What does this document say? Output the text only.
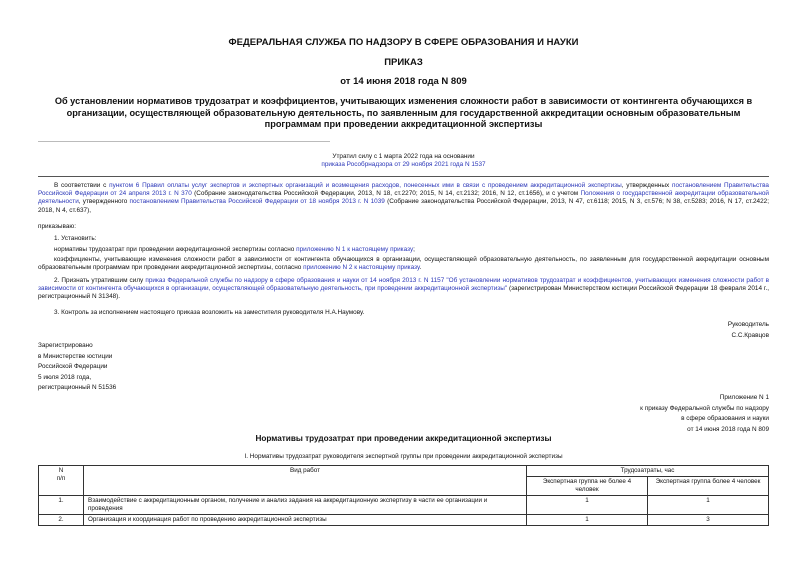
ФЕДЕРАЛЬНАЯ СЛУЖБА ПО НАДЗОРУ В СФЕРЕ ОБРАЗОВАНИЯ И НАУКИ
ПРИКАЗ
от 14 июня 2018 года N 809
Об установлении нормативов трудозатрат и коэффициентов, учитывающих изменения сложности работ в зависимости от контингента обучающихся в организации, осуществляющей образовательную деятельность, по заявленным для государственной аккредитации основным образовательным программам при проведении аккредитационной экспертизы
Утратил силу с 1 марта 2022 года на основании
приказа Рособрнадзора от 29 ноября 2021 года N 1537
В соответствии с пунктом 6 Правил оплаты услуг экспертов и экспертных организаций и возмещения расходов, понесенных ими в связи с проведением аккредитационной экспертизы, утвержденных постановлением Правительства Российской Федерации от 24 апреля 2013 г. N 370 (Собрание законодательства Российской Федерации, 2013, N 18, ст.2270; 2015, N 14, ст.2132; 2016, N 12, ст.1656), и с учетом Положения о государственной аккредитации образовательной деятельности, утвержденного постановлением Правительства Российской Федерации от 18 ноября 2013 г. N 1039 (Собрание законодательства Российской Федерации, 2013, N 47, ст.6118; 2015, N 3, ст.576; N 38, ст.5283; 2016, N 17, ст.2422; 2018, N 4, ст.637),
приказываю:
1. Установить:
нормативы трудозатрат при проведении аккредитационной экспертизы согласно приложению N 1 к настоящему приказу;
коэффициенты, учитывающие изменения сложности работ в зависимости от контингента обучающихся в организации, осуществляющей образовательную деятельность, по заявленным для государственной аккредитации основным образовательным программам при проведении аккредитационной экспертизы, согласно приложению N 2 к настоящему приказу.
2. Признать утратившим силу приказ Федеральной службы по надзору в сфере образования и науки от 14 ноября 2013 г. N 1157 "Об установлении нормативов трудозатрат и коэффициентов, учитывающих изменения сложности работ в зависимости от контингента обучающихся в организации, осуществляющей образовательную деятельность, при проведении аккредитационной экспертизы" (зарегистрирован Министерством юстиции Российской Федерации 18 февраля 2014 г., регистрационный N 31348).
3. Контроль за исполнением настоящего приказа возложить на заместителя руководителя Н.А.Наумову.
Руководитель
С.С.Кравцов
Зарегистрировано
в Министерстве юстиции
Российской Федерации
5 июля 2018 года,
регистрационный N 51536
Приложение N 1
к приказу Федеральной службы по надзору
в сфере образования и науки
от 14 июня 2018 года N 809
Нормативы трудозатрат при проведении аккредитационной экспертизы
I. Нормативы трудозатрат руководителя экспертной группы при проведении аккредитационной экспертизы
N
п/п	Вид работ	Трудозатраты, час	
		Экспертная группа не более 4 человек	Экспертная группа более 4 человек
1.	Взаимодействие с аккредитационным органом, получение и анализ задания на аккредитационную экспертизу в части ее организации и проведения	1	1
2.	Организация и координация работ по проведению аккредитационной экспертизы	1	3
